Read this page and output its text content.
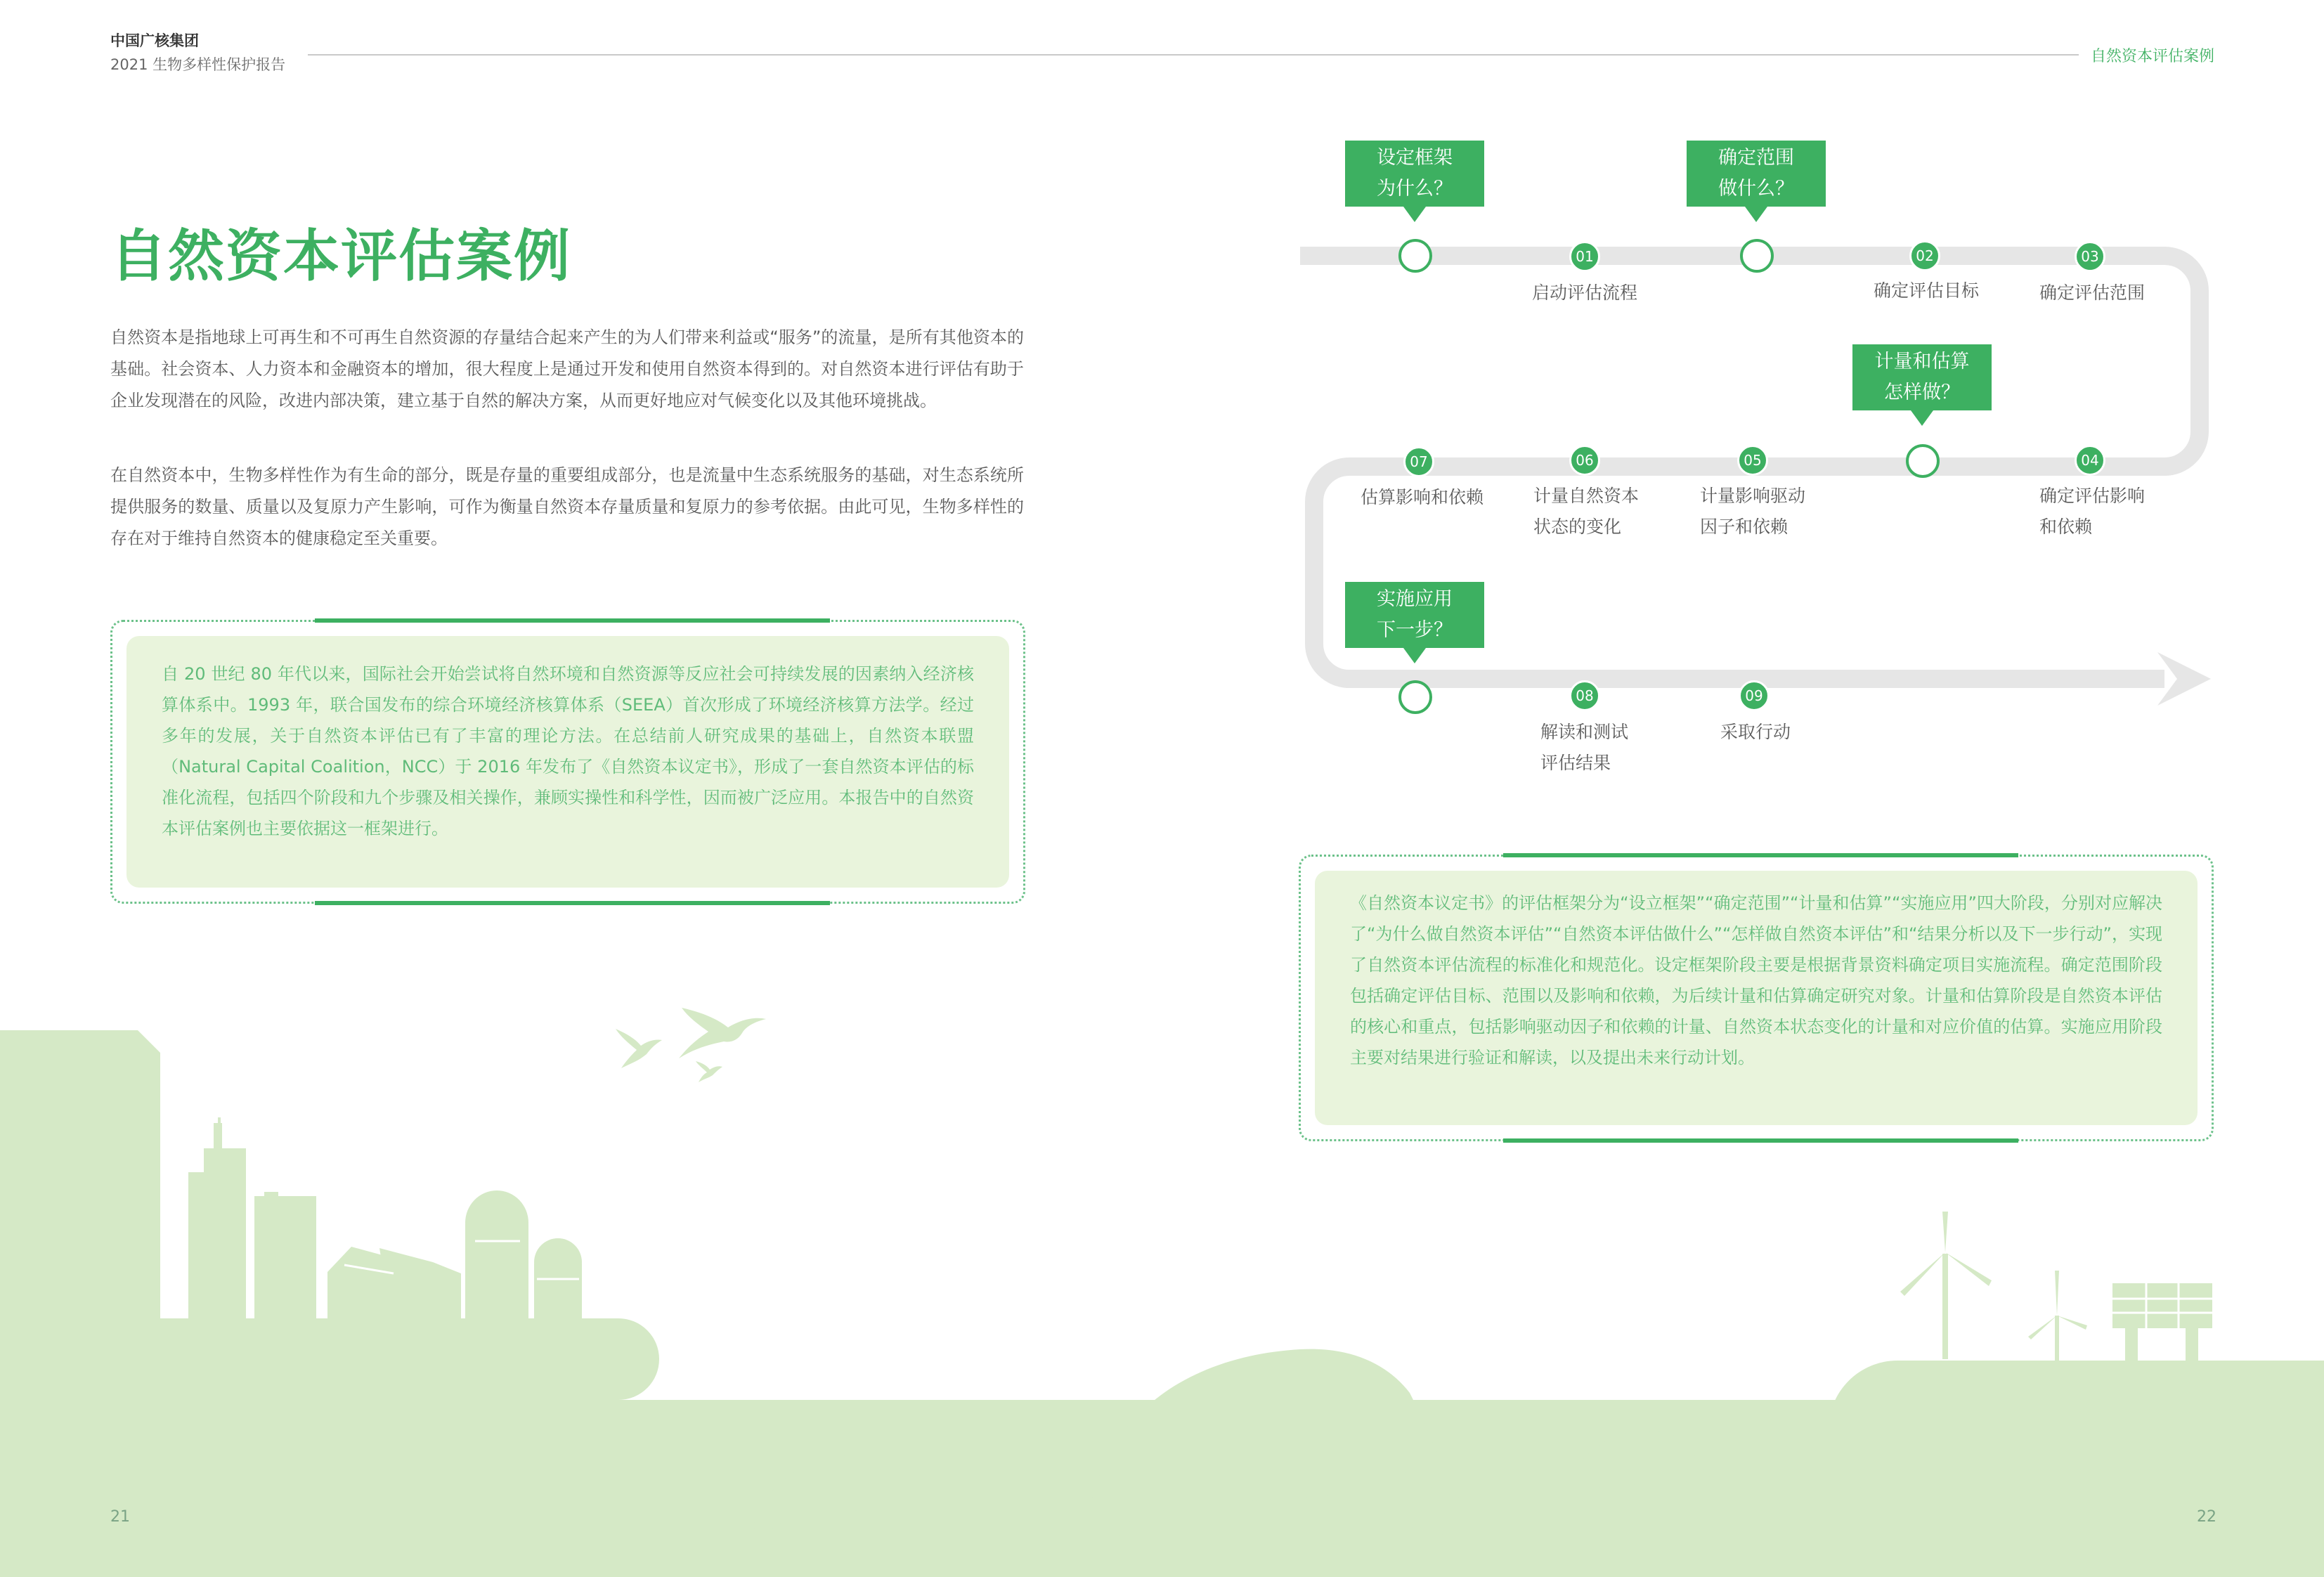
中国广核集团
2021 生物多样性保护报告	自然资本评估案例
自然资本评估案例

自然资本是指地球上可再生和不可再生自然资源的存量结合起来产生的为人们带来利益或“服务”的流量，是所有其他资本的基础。社会资本、人力资本和金融资本的增加，很大程度上是通过开发和使用自然资本得到的。对自然资本进行评估有助于企业发现潜在的风险，改进内部决策，建立基于自然的解决方案，从而更好地应对气候变化以及其他环境挑战。

在自然资本中，生物多样性作为有生命的部分，既是存量的重要组成部分，也是流量中生态系统服务的基础，对生态系统所提供服务的数量、质量以及复原力产生影响，可作为衡量自然资本存量质量和复原力的参考依据。由此可见，生物多样性的存在对于维持自然资本的健康稳定至关重要。

自 20 世纪 80 年代以来，国际社会开始尝试将自然环境和自然资源等反应社会可持续发展的因素纳入经济核算体系中。1993 年，联合国发布的综合环境经济核算体系（SEEA）首次形成了环境经济核算方法学。经过多年的发展，关于自然资本评估已有了丰富的理论方法。在总结前人研究成果的基础上，自然资本联盟（Natural Capital Coalition，NCC）于 2016 年发布了《自然资本议定书》，形成了一套自然资本评估的标准化流程，包括四个阶段和九个步骤及相关操作，兼顾实操性和科学性，因而被广泛应用。本报告中的自然资本评估案例也主要依据这一框架进行。

设定框架
为什么？
确定范围
做什么？
计量和估算
怎样做？
实施应用
下一步？
01	02	03
04
05
06
07
08	09
启动评估流程	确定评估目标	确定评估范围
确定评估影响
和依赖
计量影响驱动
因子和依赖
计量自然资本
状态的变化
估算影响和依赖
解读和测试
评估结果
采取行动

《自然资本议定书》的评估框架分为“设立框架”“确定范围”“计量和估算”“实施应用”四大阶段，分别对应解决了“为什么做自然资本评估”“自然资本评估做什么”“怎样做自然资本评估”和“结果分析以及下一步行动”，实现了自然资本评估流程的标准化和规范化。设定框架阶段主要是根据背景资料确定项目实施流程。确定范围阶段包括确定评估目标、范围以及影响和依赖，为后续计量和估算确定研究对象。计量和估算阶段是自然资本评估的核心和重点，包括影响驱动因子和依赖的计量、自然资本状态变化的计量和对应价值的估算。实施应用阶段主要对结果进行验证和解读，以及提出未来行动计划。

21	22
